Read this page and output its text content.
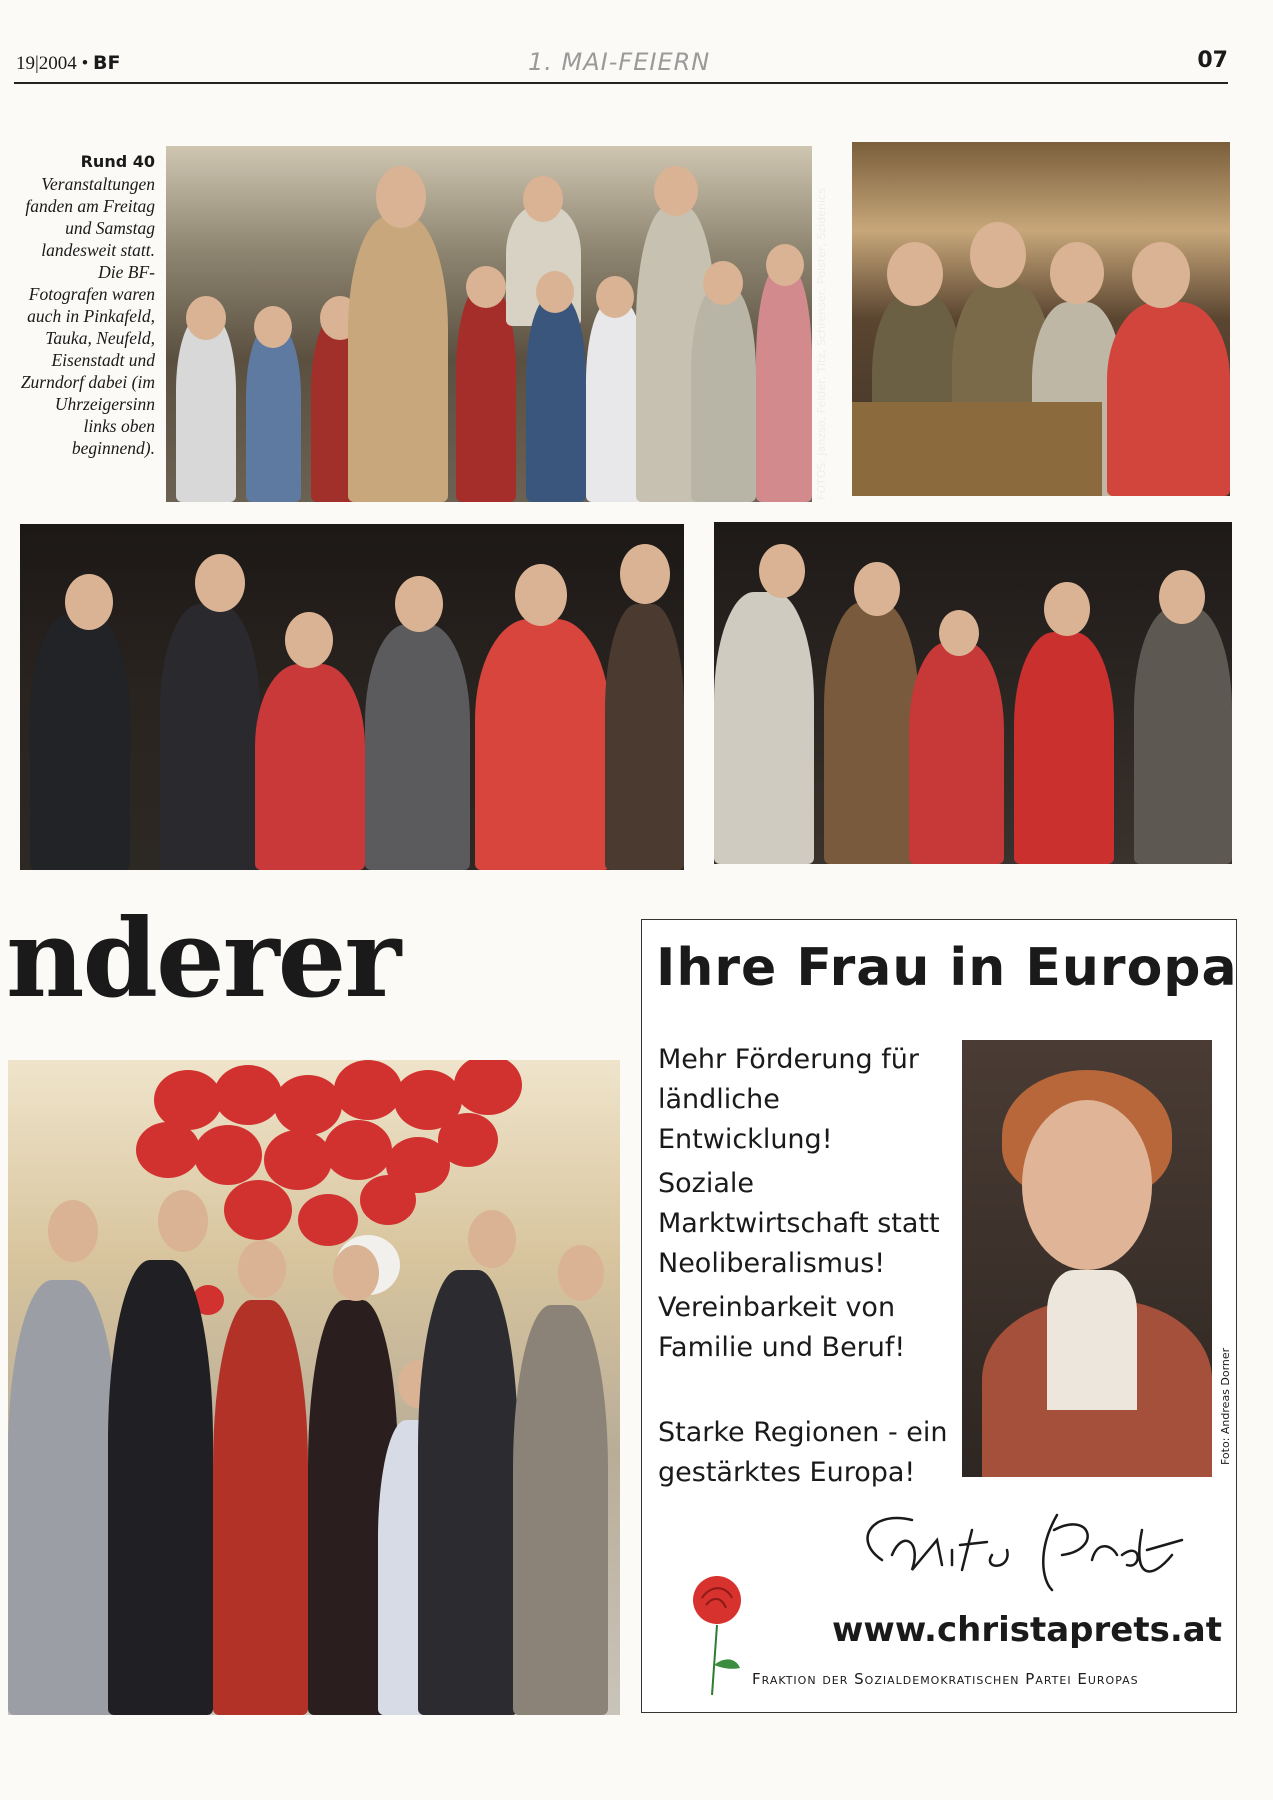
19|2004 • BF	1. MAI-FEIERN	07
Rund 40 Veranstaltungen fanden am Freitag und Samstag landesweit statt. Die BF-Fotografen waren auch in Pinkafeld, Tauka, Neufeld, Eisenstadt und Zurndorf dabei (im Uhrzeigersinn links oben beginnend).	FOTOS: Janzso, Felder, Titz, Schrenser, Polster, Szidenics
nderer	Ihre Frau in Europa
Mehr Förderung für ländliche Entwicklung!
Soziale Marktwirtschaft statt Neoliberalismus!
Vereinbarkeit von Familie und Beruf!
Starke Regionen - ein gestärktes Europa!
Foto: Andreas Dorner
www.christaprets.at
Fraktion der Sozialdemokratischen Partei Europas
